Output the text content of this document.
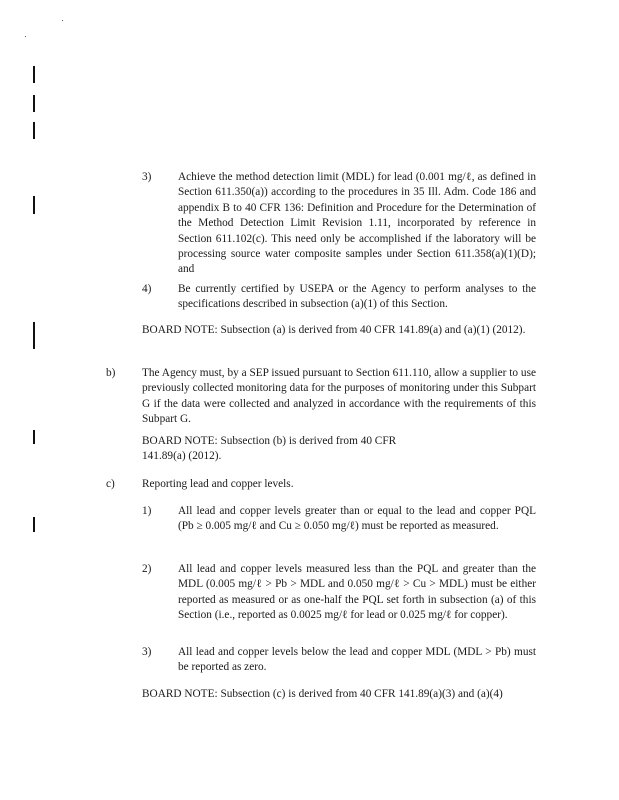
3) Achieve the method detection limit (MDL) for lead (0.001 mg/ℓ, as defined in Section 611.350(a)) according to the procedures in 35 Ill. Adm. Code 186 and appendix B to 40 CFR 136: Definition and Procedure for the Determination of the Method Detection Limit Revision 1.11, incorporated by reference in Section 611.102(c). This need only be accomplished if the laboratory will be processing source water composite samples under Section 611.358(a)(1)(D); and
4) Be currently certified by USEPA or the Agency to perform analyses to the specifications described in subsection (a)(1) of this Section.
BOARD NOTE: Subsection (a) is derived from 40 CFR 141.89(a) and (a)(1) (2012).
b) The Agency must, by a SEP issued pursuant to Section 611.110, allow a supplier to use previously collected monitoring data for the purposes of monitoring under this Subpart G if the data were collected and analyzed in accordance with the requirements of this Subpart G.
BOARD NOTE: Subsection (b) is derived from 40 CFR 141.89(a) (2012).
c) Reporting lead and copper levels.
1) All lead and copper levels greater than or equal to the lead and copper PQL (Pb ≥ 0.005 mg/ℓ and Cu ≥ 0.050 mg/ℓ) must be reported as measured.
2) All lead and copper levels measured less than the PQL and greater than the MDL (0.005 mg/ℓ > Pb > MDL and 0.050 mg/ℓ > Cu > MDL) must be either reported as measured or as one-half the PQL set forth in subsection (a) of this Section (i.e., reported as 0.0025 mg/ℓ for lead or 0.025 mg/ℓ for copper).
3) All lead and copper levels below the lead and copper MDL (MDL > Pb) must be reported as zero.
BOARD NOTE: Subsection (c) is derived from 40 CFR 141.89(a)(3) and (a)(4)
